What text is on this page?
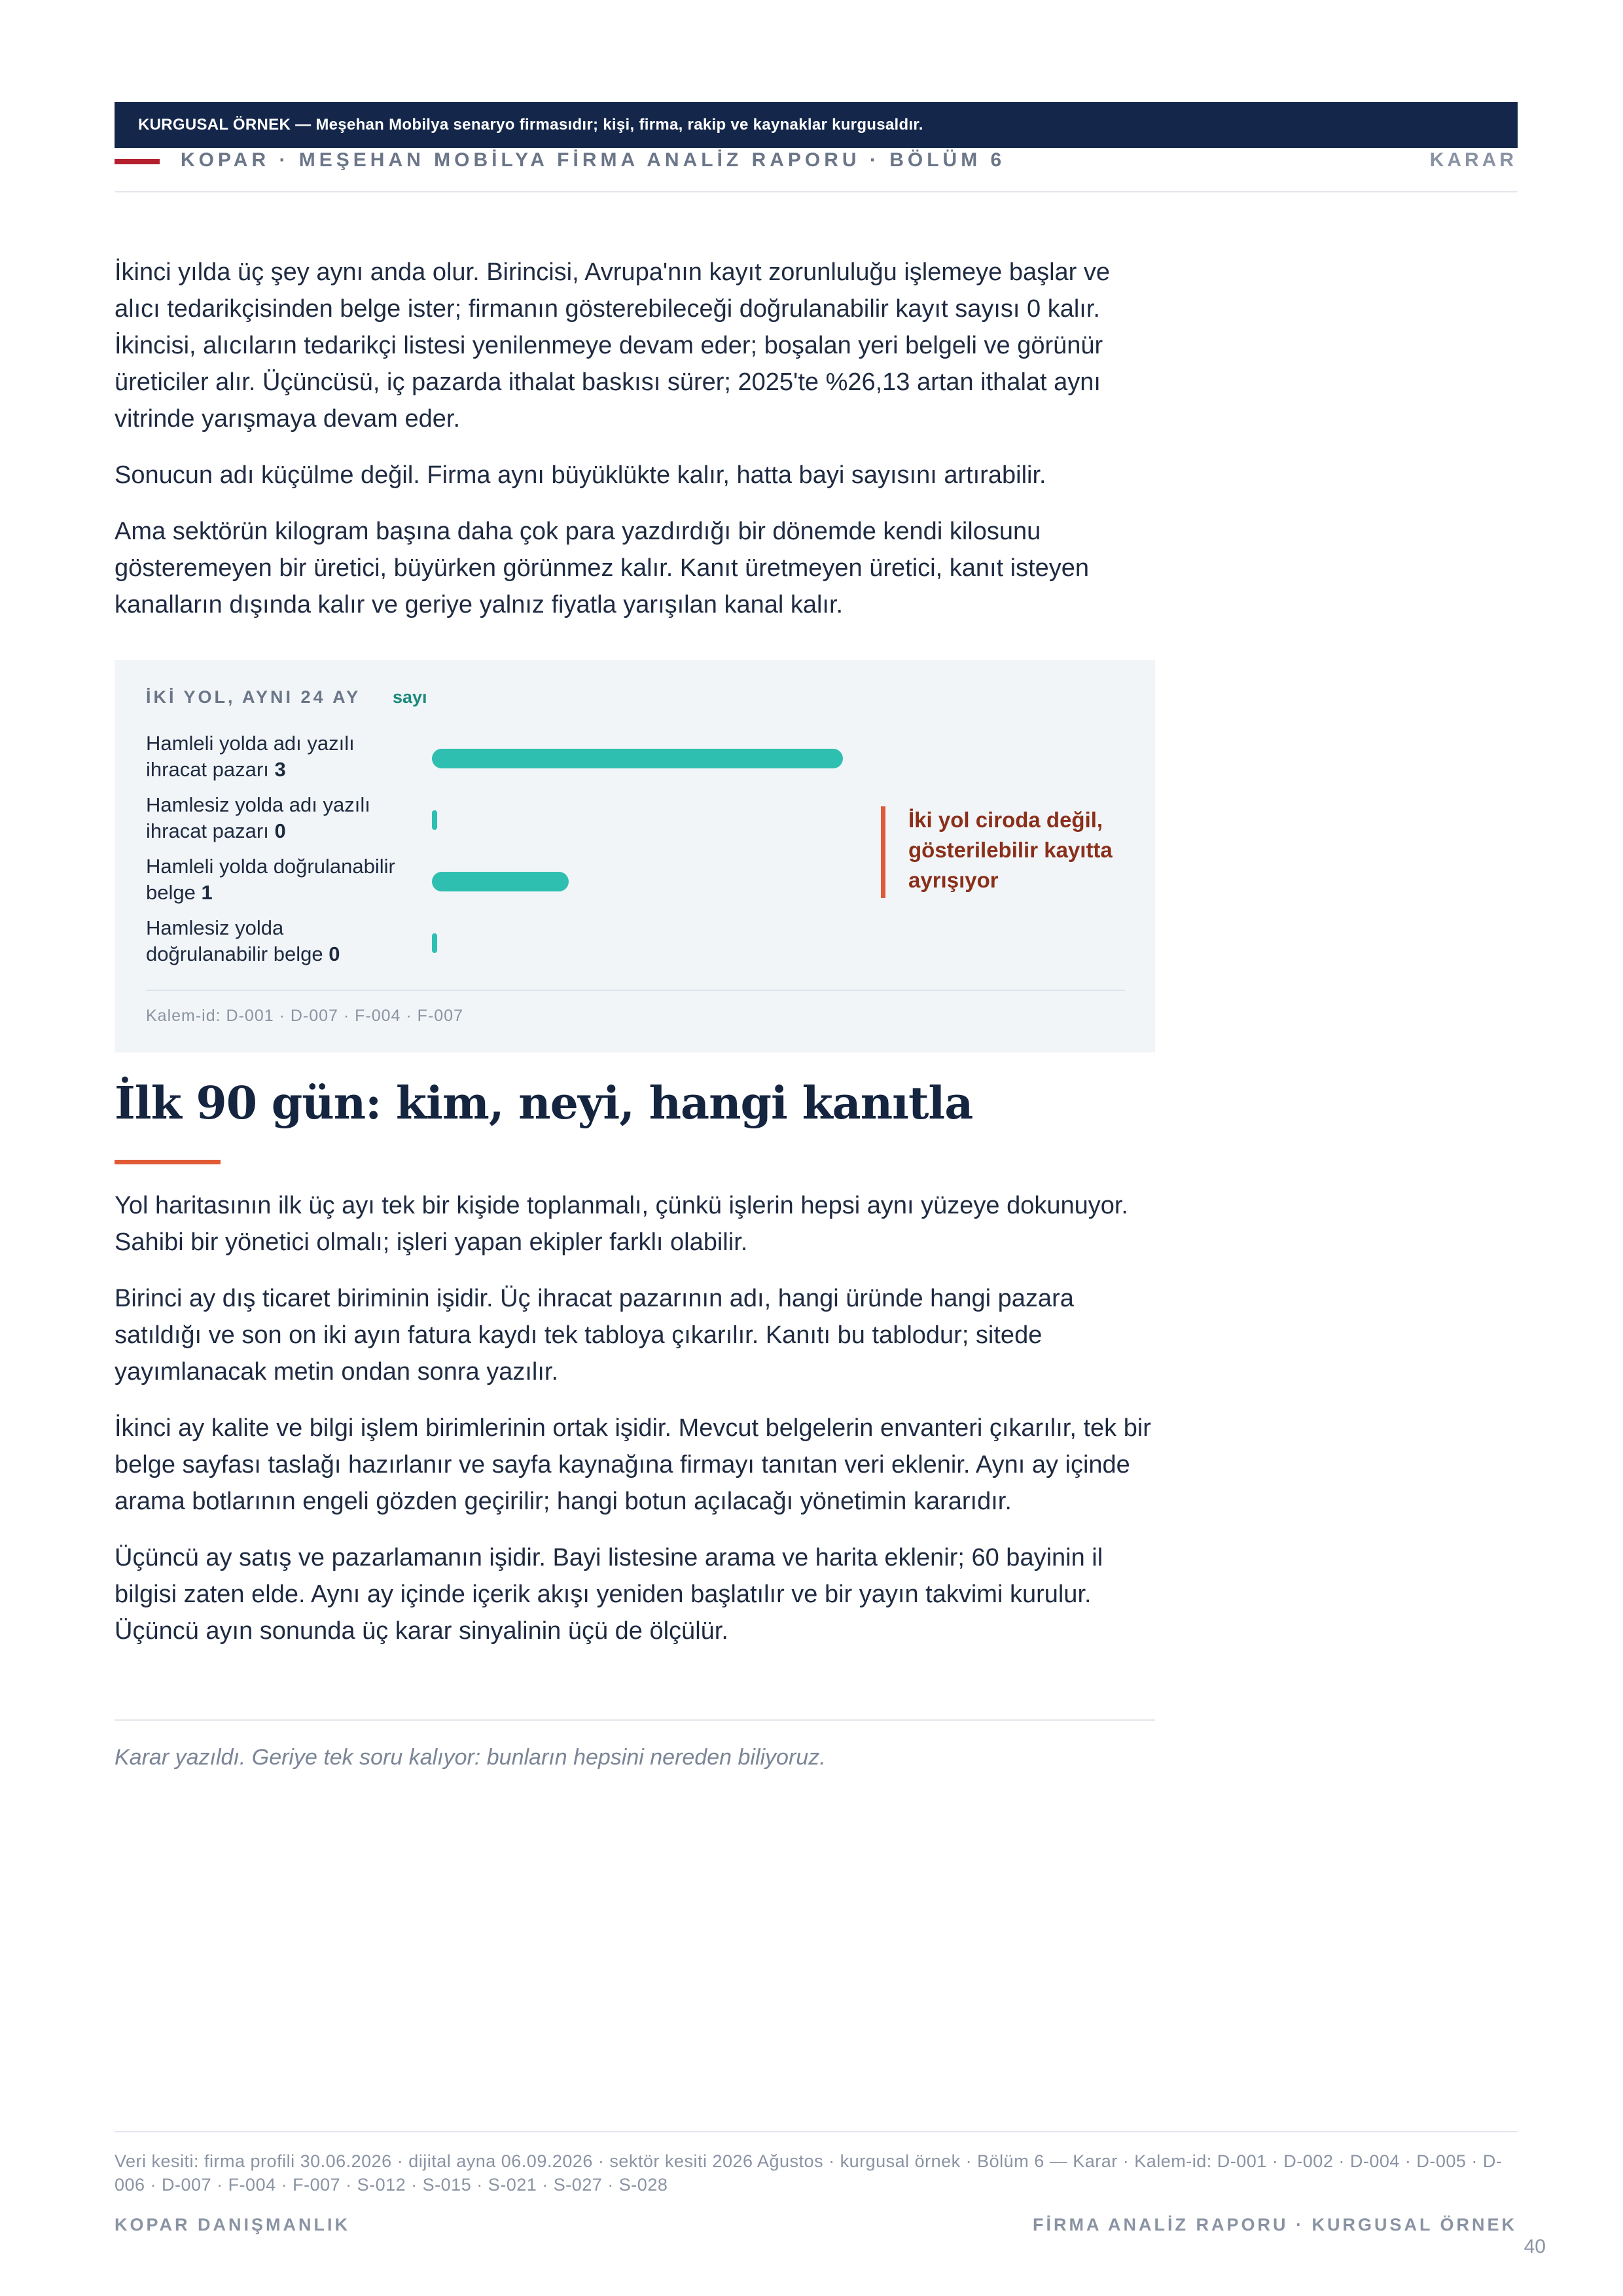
KURGUSAL ÖRNEK — Meşehan Mobilya senaryo firmasıdır; kişi, firma, rakip ve kaynaklar kurgusaldır.
KOPAR · MEŞEHAN MOBİLYA FİRMA ANALİZ RAPORU · BÖLÜM 6	KARAR

İkinci yılda üç şey aynı anda olur. Birincisi, Avrupa'nın kayıt zorunluluğu işlemeye başlar ve alıcı tedarikçisinden belge ister; firmanın gösterebileceği doğrulanabilir kayıt sayısı 0 kalır. İkincisi, alıcıların tedarikçi listesi yenilenmeye devam eder; boşalan yeri belgeli ve görünür üreticiler alır. Üçüncüsü, iç pazarda ithalat baskısı sürer; 2025'te %26,13 artan ithalat aynı vitrinde yarışmaya devam eder.

Sonucun adı küçülme değil. Firma aynı büyüklükte kalır, hatta bayi sayısını artırabilir.

Ama sektörün kilogram başına daha çok para yazdırdığı bir dönemde kendi kilosunu gösteremeyen bir üretici, büyürken görünmez kalır. Kanıt üretmeyen üretici, kanıt isteyen kanalların dışında kalır ve geriye yalnız fiyatla yarışılan kanal kalır.

İKİ YOL, AYNI 24 AY sayı
Hamleli yolda adı yazılı ihracat pazarı 3
Hamlesiz yolda adı yazılı ihracat pazarı 0
Hamleli yolda doğrulanabilir belge 1
Hamlesiz yolda doğrulanabilir belge 0
İki yol ciroda değil, gösterilebilir kayıtta ayrışıyor
Kalem-id: D-001 · D-007 · F-004 · F-007
İlk 90 gün: kim, neyi, hangi kanıtla

Yol haritasının ilk üç ayı tek bir kişide toplanmalı, çünkü işlerin hepsi aynı yüzeye dokunuyor. Sahibi bir yönetici olmalı; işleri yapan ekipler farklı olabilir.

Birinci ay dış ticaret biriminin işidir. Üç ihracat pazarının adı, hangi üründe hangi pazara satıldığı ve son on iki ayın fatura kaydı tek tabloya çıkarılır. Kanıtı bu tablodur; sitede yayımlanacak metin ondan sonra yazılır.

İkinci ay kalite ve bilgi işlem birimlerinin ortak işidir. Mevcut belgelerin envanteri çıkarılır, tek bir belge sayfası taslağı hazırlanır ve sayfa kaynağına firmayı tanıtan veri eklenir. Aynı ay içinde arama botlarının engeli gözden geçirilir; hangi botun açılacağı yönetimin kararıdır.

Üçüncü ay satış ve pazarlamanın işidir. Bayi listesine arama ve harita eklenir; 60 bayinin il bilgisi zaten elde. Aynı ay içinde içerik akışı yeniden başlatılır ve bir yayın takvimi kurulur. Üçüncü ayın sonunda üç karar sinyalinin üçü de ölçülür.

Karar yazıldı. Geriye tek soru kalıyor: bunların hepsini nereden biliyoruz.
Veri kesiti: firma profili 30.06.2026 · dijital ayna 06.09.2026 · sektör kesiti 2026 Ağustos · kurgusal örnek · Bölüm 6 — Karar · Kalem-id: D-001 · D-002 · D-004 · D-005 · D-006 · D-007 · F-004 · F-007 · S-012 · S-015 · S-021 · S-027 · S-028
KOPAR DANIŞMANLIK	FİRMA ANALİZ RAPORU · KURGUSAL ÖRNEK
40
